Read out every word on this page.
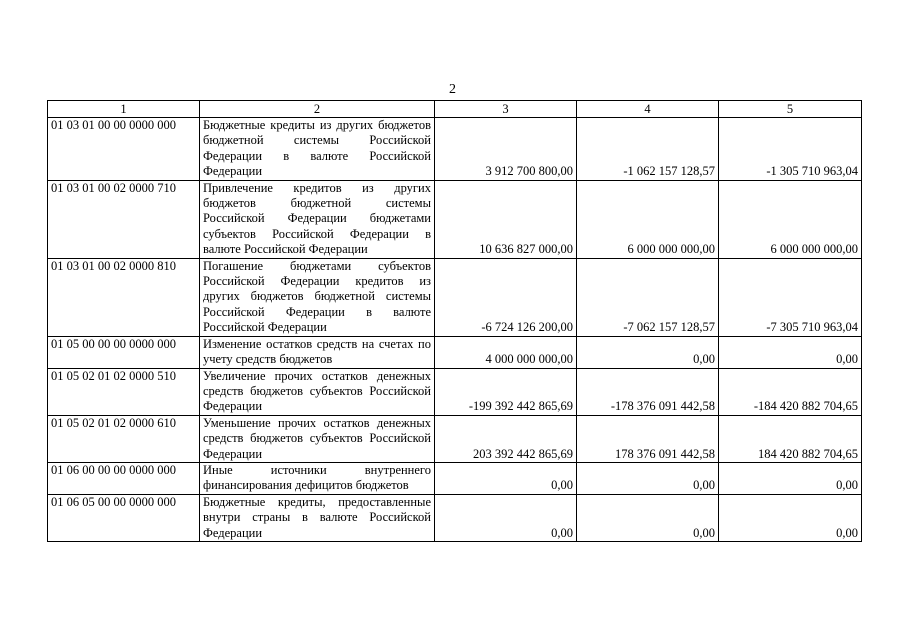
2
1	2	3	4	5
01 03 01 00 00 0000 000	Бюджетные кредиты из других бюджетов бюджетной системы Российской Федерации в валюте Российской Федерации	3 912 700 800,00	-1 062 157 128,57	-1 305 710 963,04
01 03 01 00 02 0000 710	Привлечение кредитов из других бюджетов бюджетной системы Российской Федерации бюджетами субъектов Российской Федерации в валюте Российской Федерации	10 636 827 000,00	6 000 000 000,00	6 000 000 000,00
01 03 01 00 02 0000 810	Погашение бюджетами субъектов Российской Федерации кредитов из других бюджетов бюджетной системы Российской Федерации в валюте Российской Федерации	-6 724 126 200,00	-7 062 157 128,57	-7 305 710 963,04
01 05 00 00 00 0000 000	Изменение остатков средств на счетах по учету средств бюджетов	4 000 000 000,00	0,00	0,00
01 05 02 01 02 0000 510	Увеличение прочих остатков денежных средств бюджетов субъектов Российской Федерации	-199 392 442 865,69	-178 376 091 442,58	-184 420 882 704,65
01 05 02 01 02 0000 610	Уменьшение прочих остатков денежных средств бюджетов субъектов Российской Федерации	203 392 442 865,69	178 376 091 442,58	184 420 882 704,65
01 06 00 00 00 0000 000	Иные источники внутреннего финансирования дефицитов бюджетов	0,00	0,00	0,00
01 06 05 00 00 0000 000	Бюджетные кредиты, предоставленные внутри страны в валюте Российской Федерации	0,00	0,00	0,00
